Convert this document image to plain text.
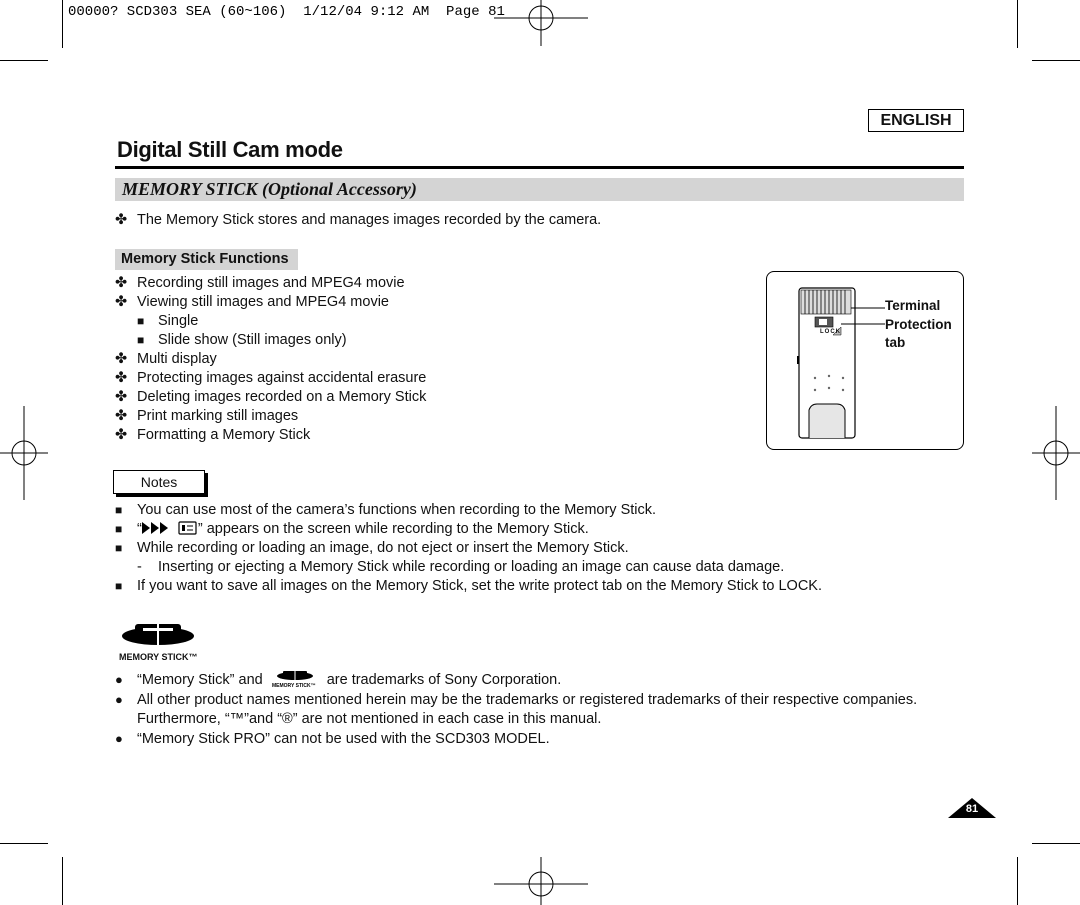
00000? SCD303 SEA (60~106)  1/12/04 9:12 AM  Page 81
ENGLISH
Digital Still Cam mode
MEMORY STICK (Optional Accessory)
✤ The Memory Stick stores and manages images recorded by the camera.
Memory Stick Functions
✤ Recording still images and MPEG4 movie
✤ Viewing still images and MPEG4 movie
■ Single
■ Slide show (Still images only)
✤ Multi display
✤ Protecting images against accidental erasure
✤ Deleting images recorded on a Memory Stick
✤ Print marking still images
✤ Formatting a Memory Stick
LOCK
Terminal
Protection
tab
Notes
■ You can use most of the camera’s functions when recording to the Memory Stick.
■ “	” appears on the screen while recording to the Memory Stick.
■ While recording or loading an image, do not eject or insert the Memory Stick.
- Inserting or ejecting a Memory Stick while recording or loading an image can cause data damage.
■ If you want to save all images on the Memory Stick, set the write protect tab on the Memory Stick to LOCK.
MEMORY STICK™
● “Memory Stick” and MEMORY STICK™ are trademarks of Sony Corporation.
● All other product names mentioned herein may be the trademarks or registered trademarks of their respective companies.
Furthermore, “™”and “®” are not mentioned in each case in this manual.
● “Memory Stick PRO” can not be used with the SCD303 MODEL.
81
